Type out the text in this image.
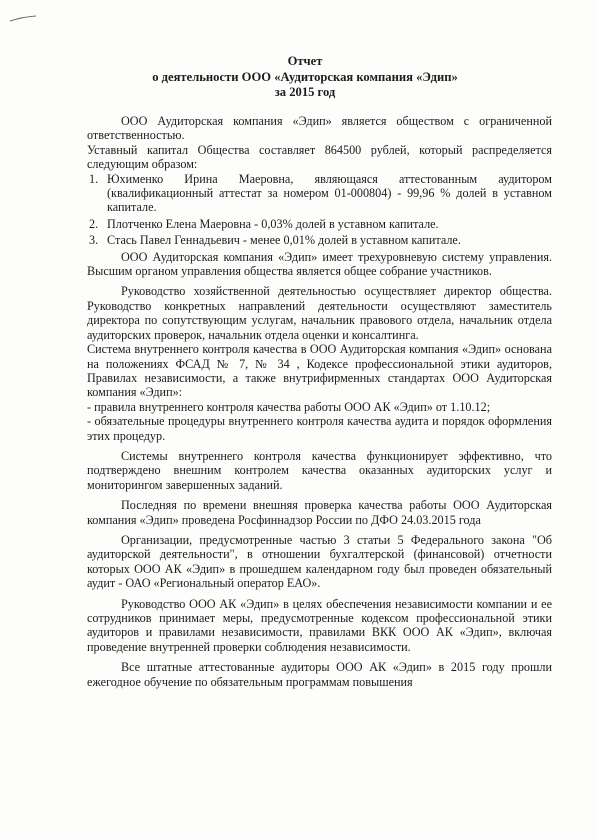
Отчет
о деятельности ООО «Аудиторская компания «Эдип»
за 2015 год

ООО Аудиторская компания «Эдип» является обществом с ограниченной ответственностью.

Уставный капитал Общества составляет 864500 рублей, который распределяется следующим образом:

1. Юхименко Ирина Маеровна, являющаяся аттестованным аудитором (квалификационный аттестат за номером 01-000804) - 99,96 % долей в уставном капитале.
2. Плотченко Елена Маеровна - 0,03% долей в уставном капитале.
3. Стась Павел Геннадьевич - менее 0,01% долей в уставном капитале.

ООО Аудиторская компания «Эдип» имеет трехуровневую систему управления. Высшим органом управления общества является общее собрание участников.

Руководство хозяйственной деятельностью осуществляет директор общества. Руководство конкретных направлений деятельности осуществляют заместитель директора по сопутствующим услугам, начальник правового отдела, начальник отдела аудиторских проверок, начальник отдела оценки и консалтинга.

Система внутреннего контроля качества в ООО Аудиторская компания «Эдип» основана на положениях ФСАД № 7, № 34 , Кодексе профессиональной этики аудиторов, Правилах независимости, а также внутрифирменных стандартах ООО Аудиторская компания «Эдип»:

- правила внутреннего контроля качества работы ООО АК «Эдип» от 1.10.12;

- обязательные процедуры внутреннего контроля качества аудита и порядок оформления этих процедур.

Системы внутреннего контроля качества функционирует эффективно, что подтверждено внешним контролем качества оказанных аудиторских услуг и мониторингом завершенных заданий.

Последняя по времени внешняя проверка качества работы ООО Аудиторская компания «Эдип» проведена Росфиннадзор России по ДФО 24.03.2015 года

Организации, предусмотренные частью 3 статьи 5 Федерального закона "Об аудиторской деятельности", в отношении бухгалтерской (финансовой) отчетности которых ООО АК «Эдип» в прошедшем календарном году был проведен обязательный аудит - ОАО «Региональный оператор ЕАО».

Руководство ООО АК «Эдип» в целях обеспечения независимости компании и ее сотрудников принимает меры, предусмотренные кодексом профессиональной этики аудиторов и правилами независимости, правилами ВКК ООО АК «Эдип», включая проведение внутренней проверки соблюдения независимости.

Все штатные аттестованные аудиторы ООО АК «Эдип» в 2015 году прошли ежегодное обучение по обязательным программам повышения
